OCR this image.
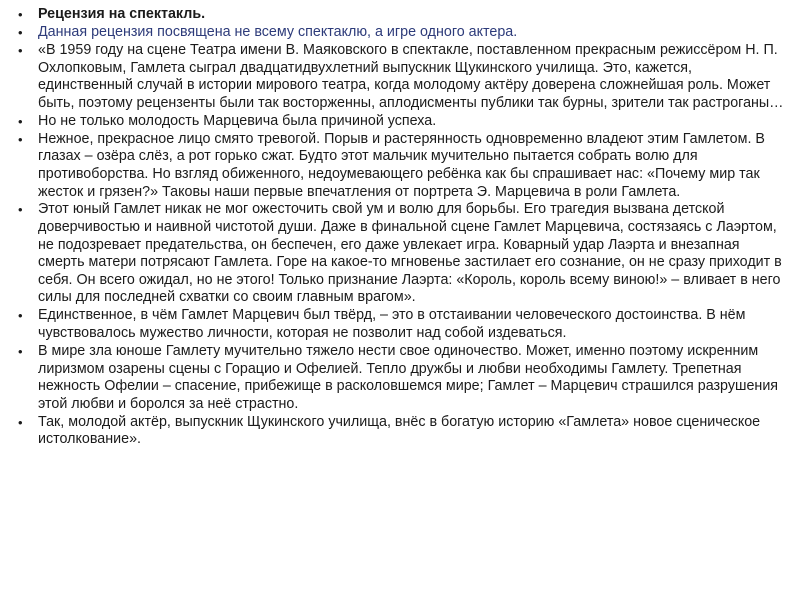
• Рецензия на спектакль.
• Данная рецензия посвящена не всему спектаклю, а игре одного актера.
• «В 1959 году на сцене Театра имени В. Маяковского в спектакле, поставленном прекрасным режиссёром Н. П. Охлопковым, Гамлета сыграл двадцатидвухлетний выпускник Щукинского училища. Это, кажется, единственный случай в истории мирового театра, когда молодому актёру доверена сложнейшая роль. Может быть, поэтому рецензенты были так восторженны, аплодисменты публики так бурны, зрители так растроганы…
• Но не только молодость Марцевича была причиной успеха.
• Нежное, прекрасное лицо смято тревогой. Порыв и растерянность одновременно владеют этим Гамлетом. В глазах – озёра слёз, а рот горько сжат. Будто этот мальчик мучительно пытается собрать волю для противоборства. Но взгляд обиженного, недоумевающего ребёнка как бы спрашивает нас: «Почему мир так жесток и грязен?» Таковы наши первые впечатления от портрета Э. Марцевича в роли Гамлета.
• Этот юный Гамлет никак не мог ожесточить свой ум и волю для борьбы. Его трагедия вызвана детской доверчивостью и наивной чистотой души. Даже в финальной сцене Гамлет Марцевича, состязаясь с Лаэртом, не подозревает предательства, он беспечен, его даже увлекает игра. Коварный удар Лаэрта и внезапная смерть матери потрясают Гамлета. Горе на какое-то мгновенье застилает его сознание, он не сразу приходит в себя. Он всего ожидал, но не этого! Только признание Лаэрта: «Король, король всему виною!» – вливает в него силы для последней схватки со своим главным врагом».
• Единственное, в чём Гамлет Марцевич был твёрд, – это в отстаивании человеческого достоинства. В нём чувствовалось мужество личности, которая не позволит над собой издеваться.
• В мире зла юноше Гамлету мучительно тяжело нести свое одиночество. Может, именно поэтому искренним лиризмом озарены сцены с Горацио и Офелией. Тепло дружбы и любви необходимы Гамлету. Трепетная нежность Офелии – спасение, прибежище в расколовшемся мире; Гамлет – Марцевич страшился разрушения этой любви и боролся за неё страстно.
• Так, молодой актёр, выпускник Щукинского училища, внёс в богатую историю «Гамлета» новое сценическое истолкование».
